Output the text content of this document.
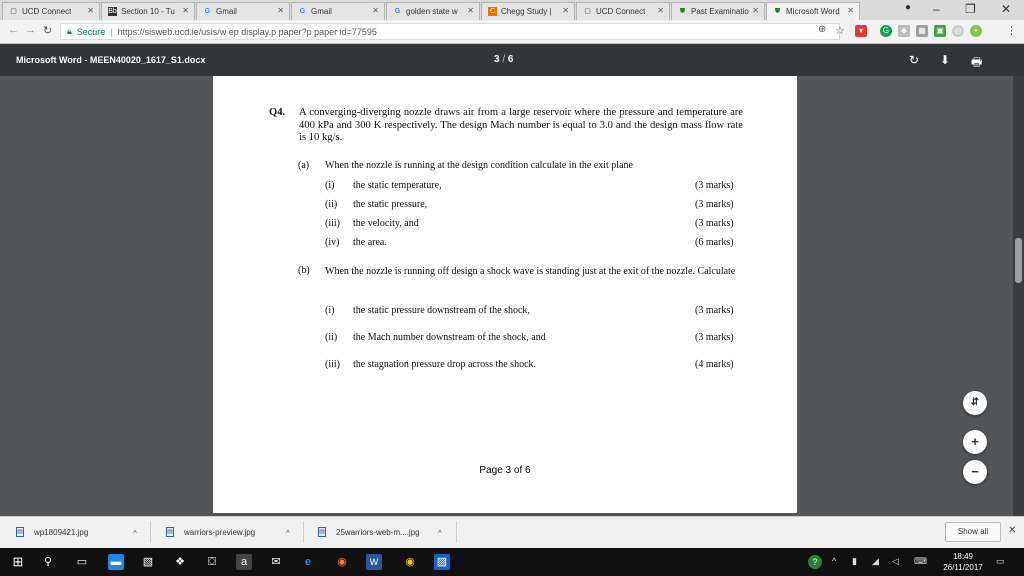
▢ UCD Connect ✕ Bb Section 10 - Tu ✕ G Gmail	✕ G Gmail	✕ G golden state w ✕ C Chegg Study | ✕ ▢ UCD Connect ✕ ⛊ Past Examinatio ✕ ⛊ Microsoft Word ✕	● – ❐ ✕
← → ↻ 🔒︎ Secure | https://sisweb.ucd.ie/usis/w ep display.p paper?p paper id=77595	⊕ ☆	▾	G	◆	▦ ▣	◎	+	⋮
Microsoft Word - MEEN40020_1617_S1.docx	3 / 6	↻ ⬇ 🖶︎
Q4. A converging-diverging nozzle draws air from a large reservoir where the pressure and temperature are 400 kPa and 300 K respectively. The design Mach number is equal to 3.0 and the design mass flow rate is 10 kg/s.
(a) When the nozzle is running at the design condition calculate in the exit plane
(i) the static temperature,	(3 marks)
(ii) the static pressure,	(3 marks)
(iii) the velocity, and	(3 marks)
(iv) the area.	(6 marks)
(b) When the nozzle is running off design a shock wave is standing just at the exit of the nozzle. Calculate
(i) the static pressure downstream of the shock,	(3 marks)
(ii) the Mach number downstream of the shock, and	(3 marks)
(iii) the stagnation pressure drop across the shock.	(4 marks)
Page 3 of 6
⇵
+
−
▤ wp1809421.jpg	^	▤ warriors-preview.jpg	^	▤ 25warriors-web-m....jpg ^	Show all	✕
⊞	⚲	▭ ▬ ▧ ❖	⛋	a	✉	e	◉	W	◉ ▨	?	^ ▮ ◢ ◁ ⌨	18:49
26/11/2017
▭
